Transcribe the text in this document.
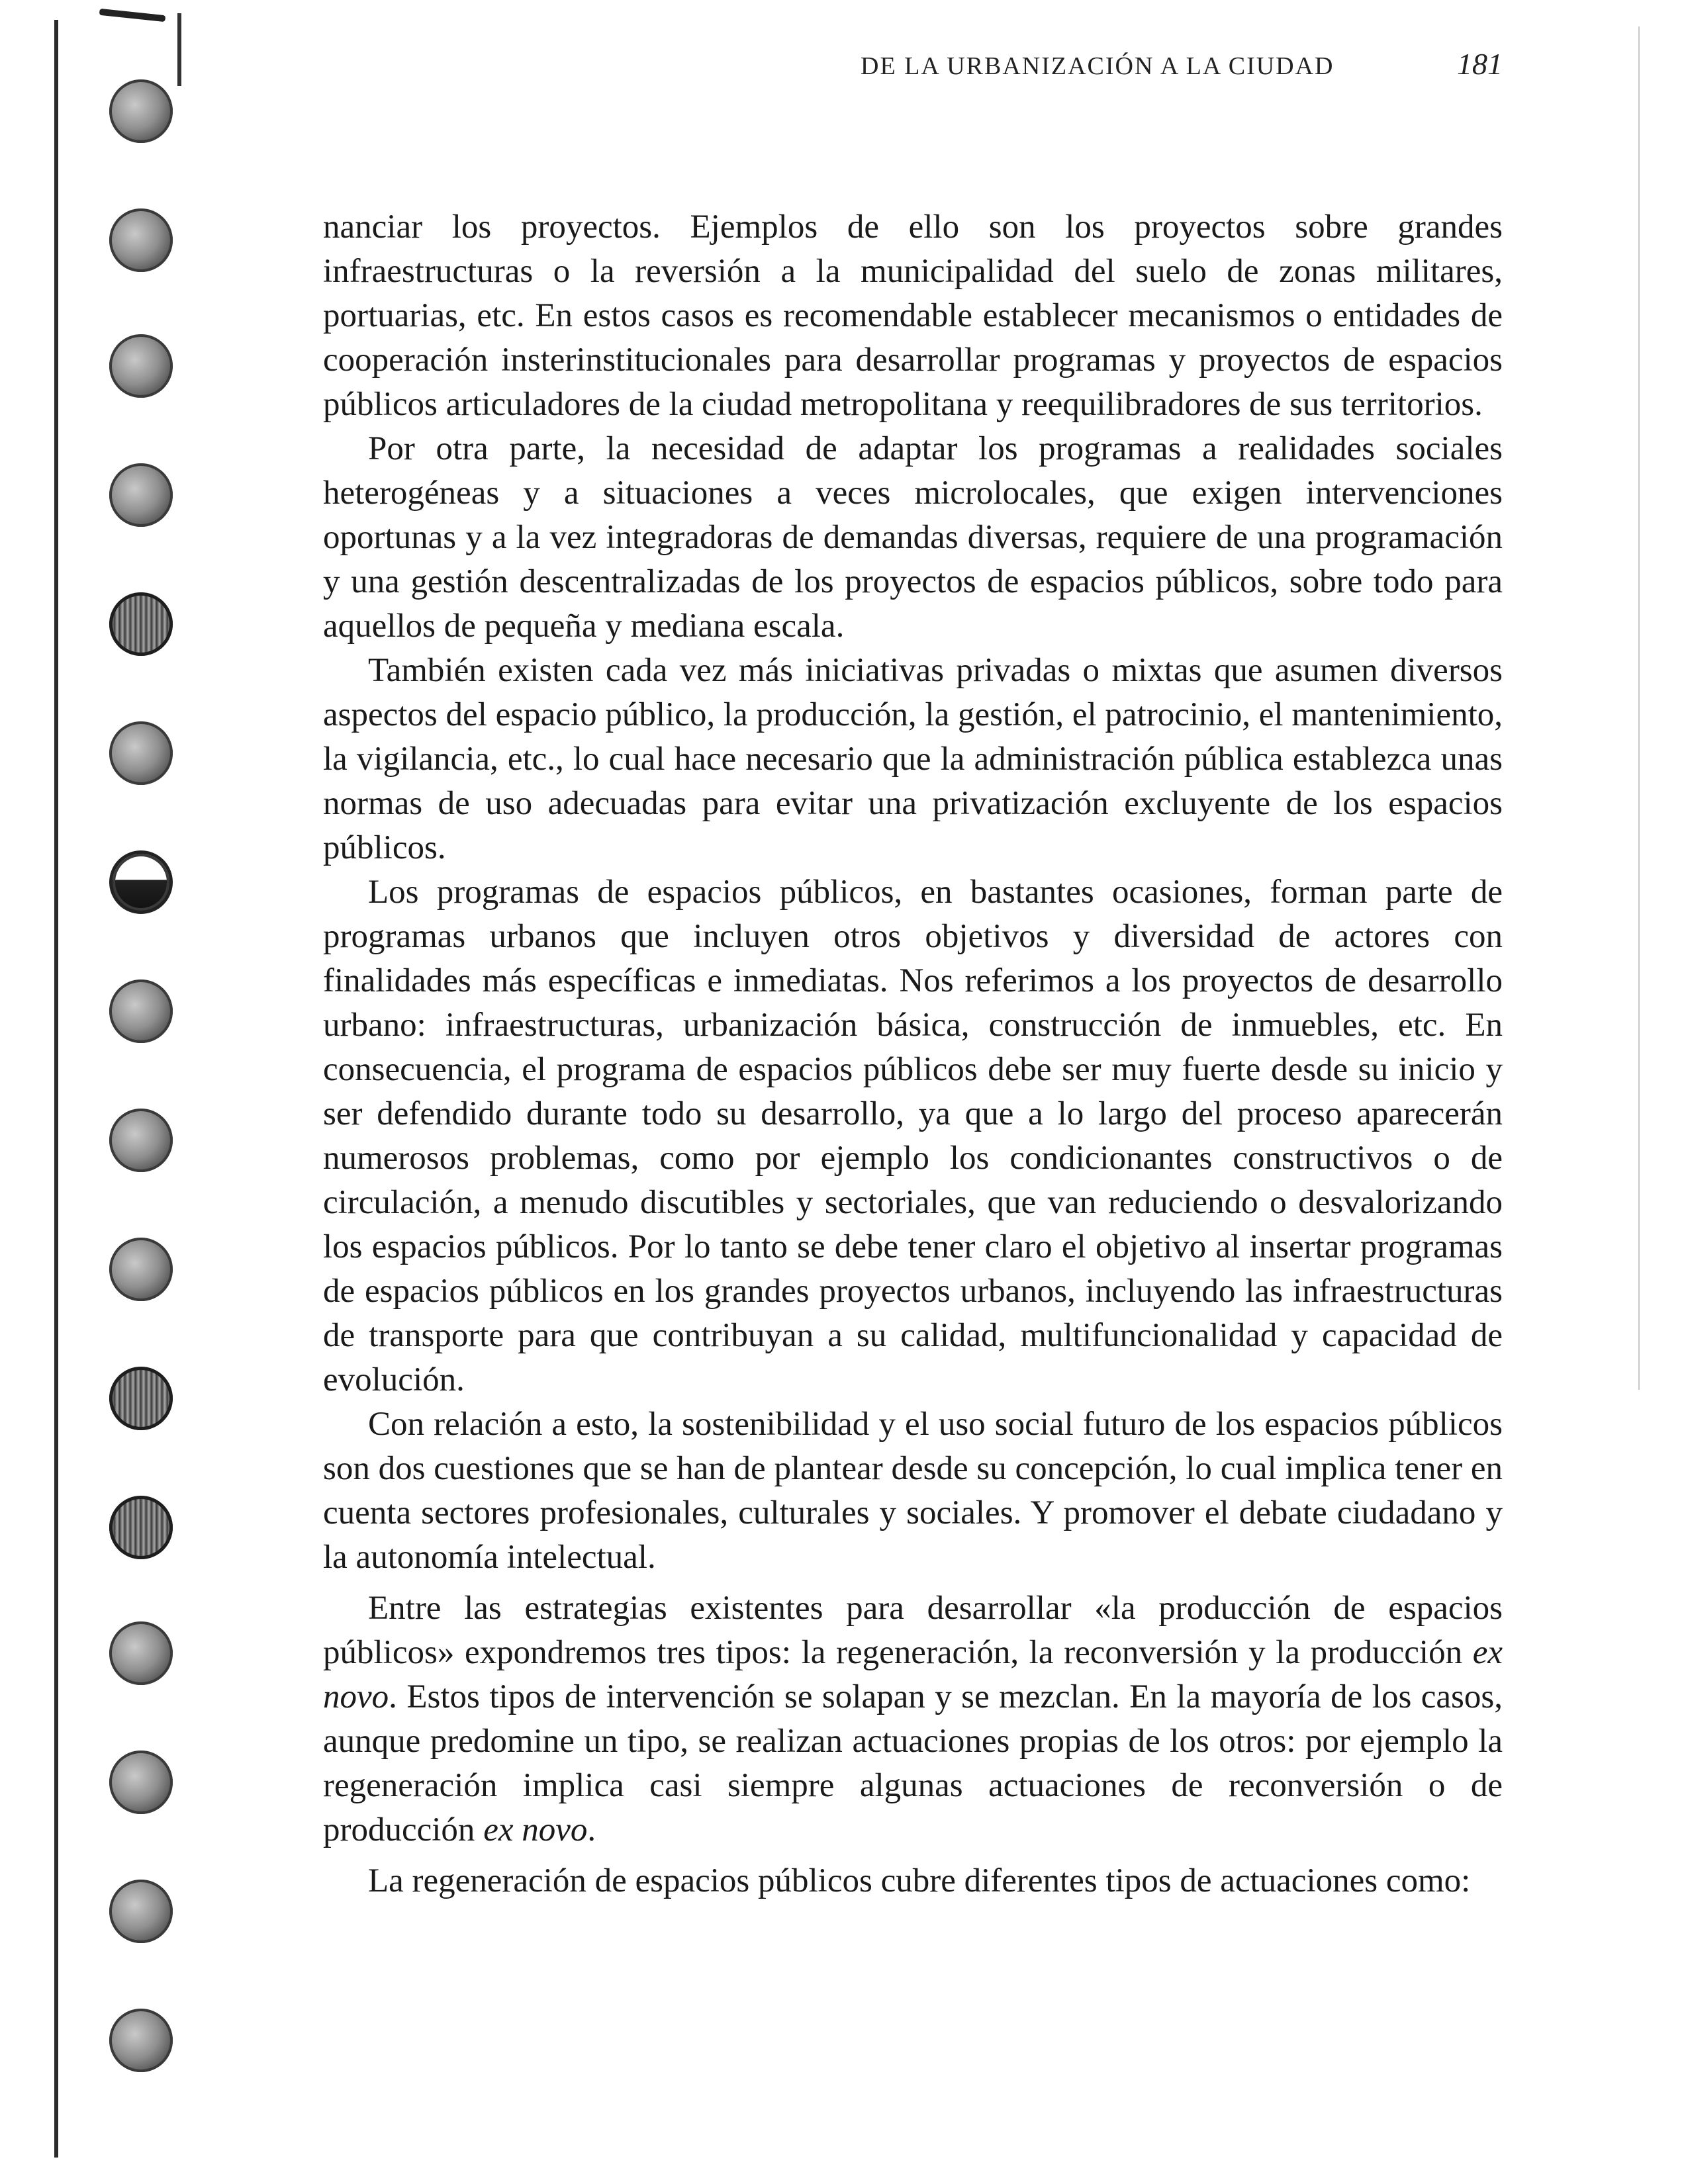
DE LA URBANIZACIÓN A LA CIUDAD	181

nanciar los proyectos. Ejemplos de ello son los proyectos sobre grandes infraestructuras o la reversión a la municipalidad del suelo de zonas militares, portuarias, etc. En estos casos es recomendable establecer mecanismos o entidades de cooperación insterinstitucionales para desarrollar programas y proyectos de espacios públicos articuladores de la ciudad metropolitana y reequilibradores de sus territorios.

Por otra parte, la necesidad de adaptar los programas a realidades sociales heterogéneas y a situaciones a veces microlocales, que exigen intervenciones oportunas y a la vez integradoras de demandas diversas, requiere de una programación y una gestión descentralizadas de los proyectos de espacios públicos, sobre todo para aquellos de pequeña y mediana escala.

También existen cada vez más iniciativas privadas o mixtas que asumen diversos aspectos del espacio público, la producción, la gestión, el patrocinio, el mantenimiento, la vigilancia, etc., lo cual hace necesario que la administración pública establezca unas normas de uso adecuadas para evitar una privatización excluyente de los espacios públicos.

Los programas de espacios públicos, en bastantes ocasiones, forman parte de programas urbanos que incluyen otros objetivos y diversidad de actores con finalidades más específicas e inmediatas. Nos referimos a los proyectos de desarrollo urbano: infraestructuras, urbanización básica, construcción de inmuebles, etc. En consecuencia, el programa de espacios públicos debe ser muy fuerte desde su inicio y ser defendido durante todo su desarrollo, ya que a lo largo del proceso aparecerán numerosos problemas, como por ejemplo los condicionantes constructivos o de circulación, a menudo discutibles y sectoriales, que van reduciendo o desvalorizando los espacios públicos. Por lo tanto se debe tener claro el objetivo al insertar programas de espacios públicos en los grandes proyectos urbanos, incluyendo las infraestructuras de transporte para que contribuyan a su calidad, multifuncionalidad y capacidad de evolución.

Con relación a esto, la sostenibilidad y el uso social futuro de los espacios públicos son dos cuestiones que se han de plantear desde su concepción, lo cual implica tener en cuenta sectores profesionales, culturales y sociales. Y promover el debate ciudadano y la autonomía intelectual.

Entre las estrategias existentes para desarrollar «la producción de espacios públicos» expondremos tres tipos: la regeneración, la reconversión y la producción ex novo. Estos tipos de intervención se solapan y se mezclan. En la mayoría de los casos, aunque predomine un tipo, se realizan actuaciones propias de los otros: por ejemplo la regeneración implica casi siempre algunas actuaciones de reconversión o de producción ex novo.

La regeneración de espacios públicos cubre diferentes tipos de actuaciones como:
